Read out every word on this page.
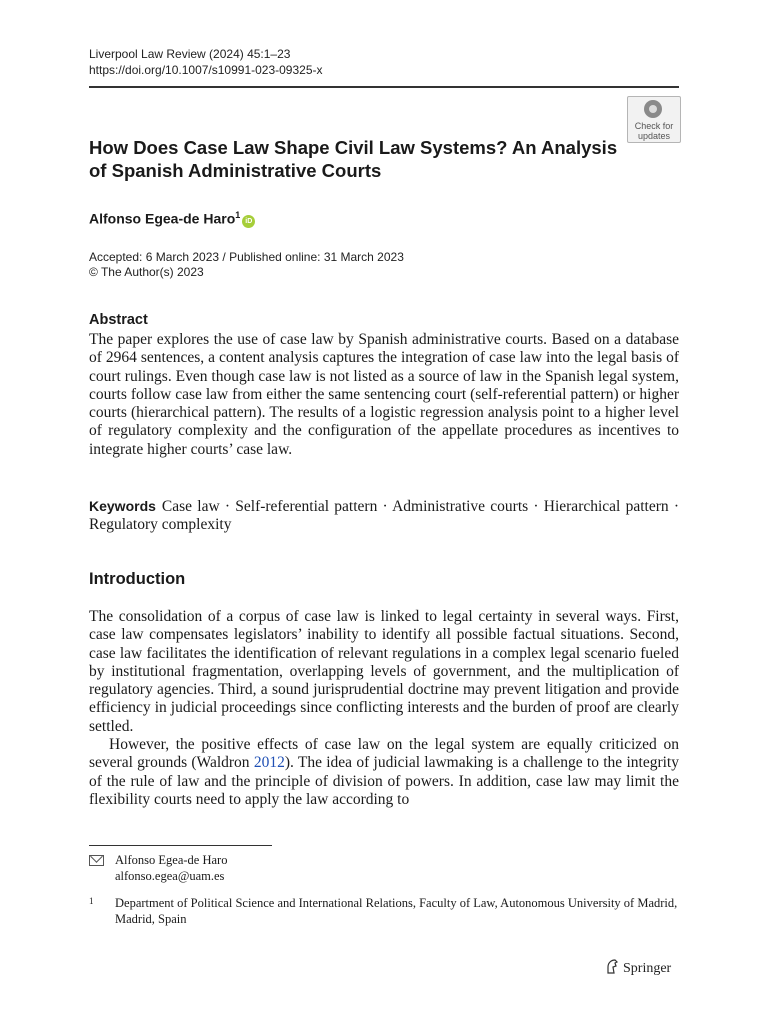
Liverpool Law Review (2024) 45:1–23
https://doi.org/10.1007/s10991-023-09325-x
Check for
updates
How Does Case Law Shape Civil Law Systems? An Analysis of Spanish Administrative Courts
Alfonso Egea-de Haro$^1$iD
Accepted: 6 March 2023 / Published online: 31 March 2023
© The Author(s) 2023
Abstract
The paper explores the use of case law by Spanish administrative courts. Based on a database of 2964 sentences, a content analysis captures the integration of case law into the legal basis of court rulings. Even though case law is not listed as a source of law in the Spanish legal system, courts follow case law from either the same sentencing court (self-referential pattern) or higher courts (hierarchical pattern). The results of a logistic regression analysis point to a higher level of regulatory complexity and the configuration of the appellate procedures as incentives to integrate higher courts’ case law.
Keywords Case law · Self-referential pattern · Administrative courts · Hierarchical pattern · Regulatory complexity
Introduction

The consolidation of a corpus of case law is linked to legal certainty in several ways. First, case law compensates legislators’ inability to identify all possible factual situations. Second, case law facilitates the identification of relevant regulations in a complex legal scenario fueled by institutional fragmentation, overlapping levels of government, and the multiplication of regulatory agencies. Third, a sound jurisprudential doctrine may prevent litigation and provide efficiency in judicial proceedings since conflicting interests and the burden of proof are clearly settled.

However, the positive effects of case law on the legal system are equally criticized on several grounds (Waldron 2012). The idea of judicial lawmaking is a challenge to the integrity of the rule of law and the principle of division of powers. In addition, case law may limit the flexibility courts need to apply the law according to

Alfonso Egea-de Haro
alfonso.egea@uam.es
1 Department of Political Science and International Relations, Faculty of Law, Autonomous University of Madrid, Madrid, Spain
Springer
